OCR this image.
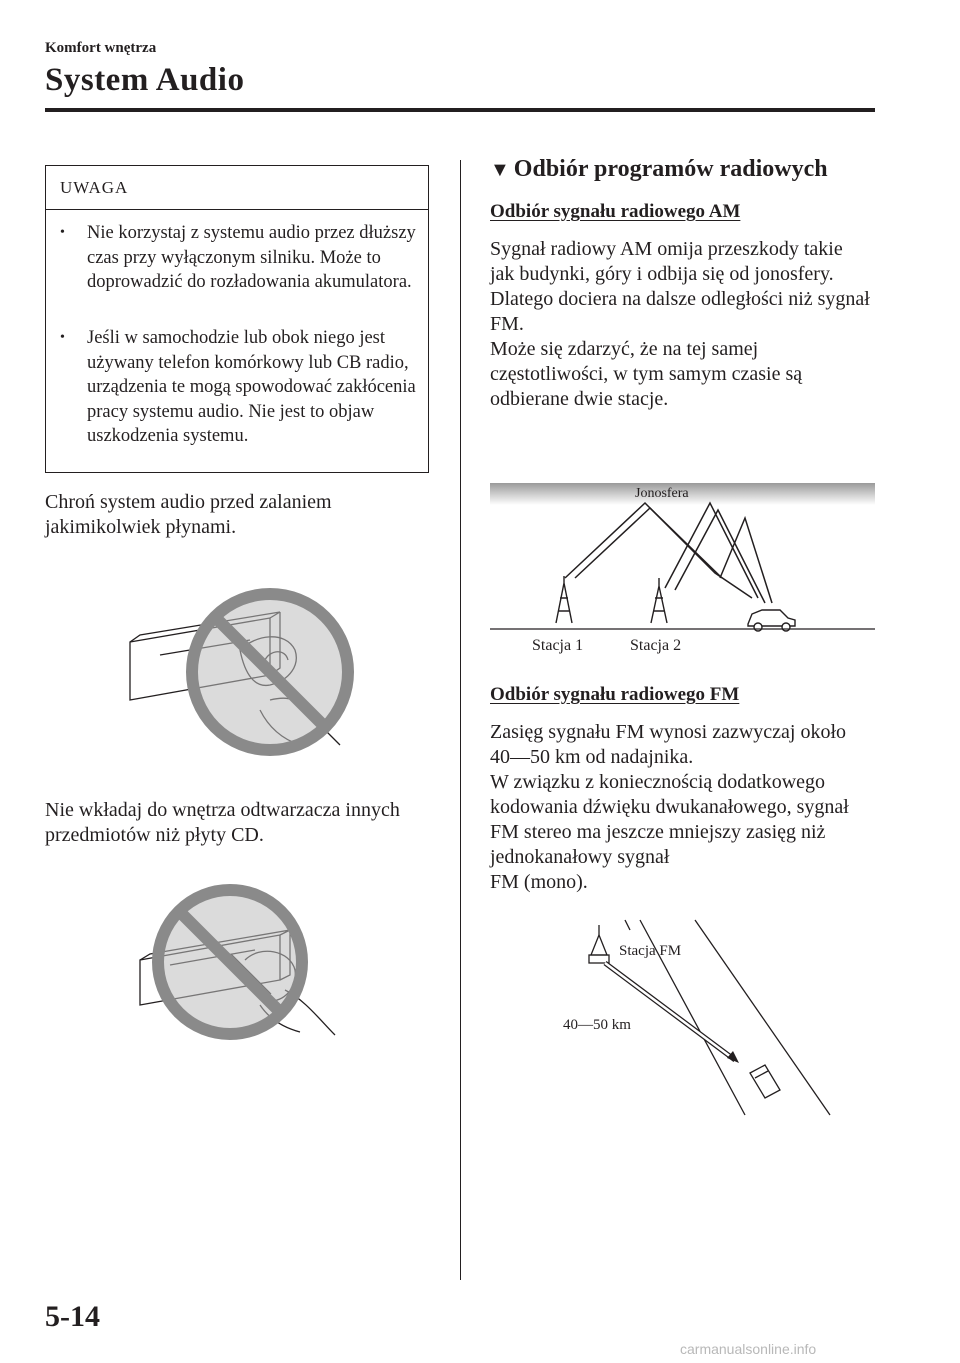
Komfort wnętrza
System Audio
UWAGA
• Nie korzystaj z systemu audio przez dłuższy czas przy wyłączonym silniku. Może to doprowadzić do rozładowania akumulatora.
• Jeśli w samochodzie lub obok niego jest używany telefon komórkowy lub CB radio, urządzenia te mogą spowodować zakłócenia pracy systemu audio. Nie jest to objaw uszkodzenia systemu.
Chroń system audio przed zalaniem jakimikolwiek płynami.
Nie wkładaj do wnętrza odtwarzacza innych przedmiotów niż płyty CD.
▼ Odbiór programów radiowych
Odbiór sygnału radiowego AM
Sygnał radiowy AM omija przeszkody takie jak budynki, góry i odbija się od jonosfery.
Dlatego dociera na dalsze odległości niż sygnał FM.
Może się zdarzyć, że na tej samej częstotliwości, w tym samym czasie są odbierane dwie stacje.
Jonosfera
Stacja 1	Stacja 2
Odbiór sygnału radiowego FM
Zasięg sygnału FM wynosi zazwyczaj około 40—50 km od nadajnika.
W związku z koniecznością dodatkowego kodowania dźwięku dwukanałowego, sygnał FM stereo ma jeszcze mniejszy zasięg niż jednokanałowy sygnał
FM (mono).
Stacja FM
40—50 km
5-14
carmanualsonline.info
